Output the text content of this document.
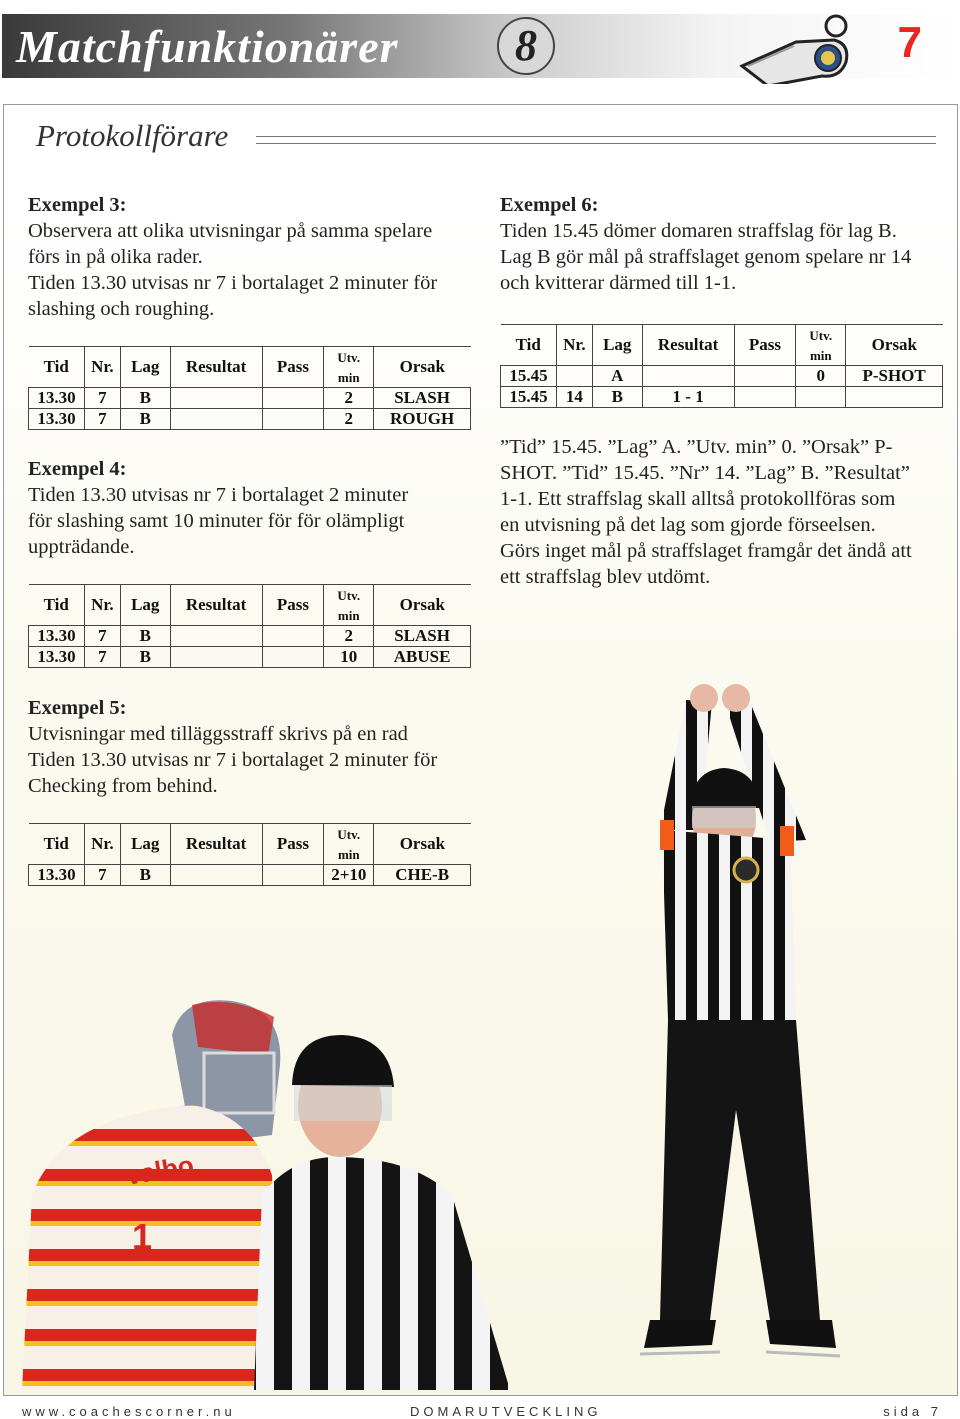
Matchfunktionärer	8	7
Protokollförare
Exempel 3:
Observera att olika utvisningar på samma spelare
förs in på olika rader.
Tiden 13.30 utvisas nr 7 i bortalaget 2 minuter för
slashing och roughing.
Tid	Nr.	Lag	Resultat	Pass	Utv.
min	Orsak
13.30	7	B			2	SLASH
13.30	7	B			2	ROUGH
Exempel 4:
Tiden 13.30 utvisas nr 7 i bortalaget 2 minuter
för slashing samt 10 minuter för för olämpligt
uppträdande.
Tid	Nr.	Lag	Resultat	Pass	Utv.
min	Orsak
13.30	7	B			2	SLASH
13.30	7	B			10	ABUSE
Exempel 5:
Utvisningar med tilläggsstraff skrivs på en rad
Tiden 13.30 utvisas nr 7 i bortalaget 2 minuter för
Checking from behind.
Tid	Nr.	Lag	Resultat	Pass	Utv.
min	Orsak
13.30	7	B			2+10	CHE-B
Exempel 6:
Tiden 15.45 dömer domaren straffslag för lag B.
Lag B gör mål på straffslaget genom spelare nr 14
och kvitterar därmed till 1-1.
Tid	Nr.	Lag	Resultat	Pass	Utv.
min	Orsak
15.45		A			0	P-SHOT
15.45	14	B	1 - 1			
”Tid” 15.45. ”Lag” A. ”Utv. min” 0. ”Orsak” P-
SHOT. ”Tid” 15.45. ”Nr” 14. ”Lag” B. ”Resultat”
1-1. Ett straffslag skall alltså protokollföras som
en utvisning på det lag som gjorde förseelsen.
Görs inget mål på straffslaget framgår det ändå att
ett straffslag blev utdömt.
valbo
1
www.coachescorner.nu	DOMARUTVECKLING	sida 7
